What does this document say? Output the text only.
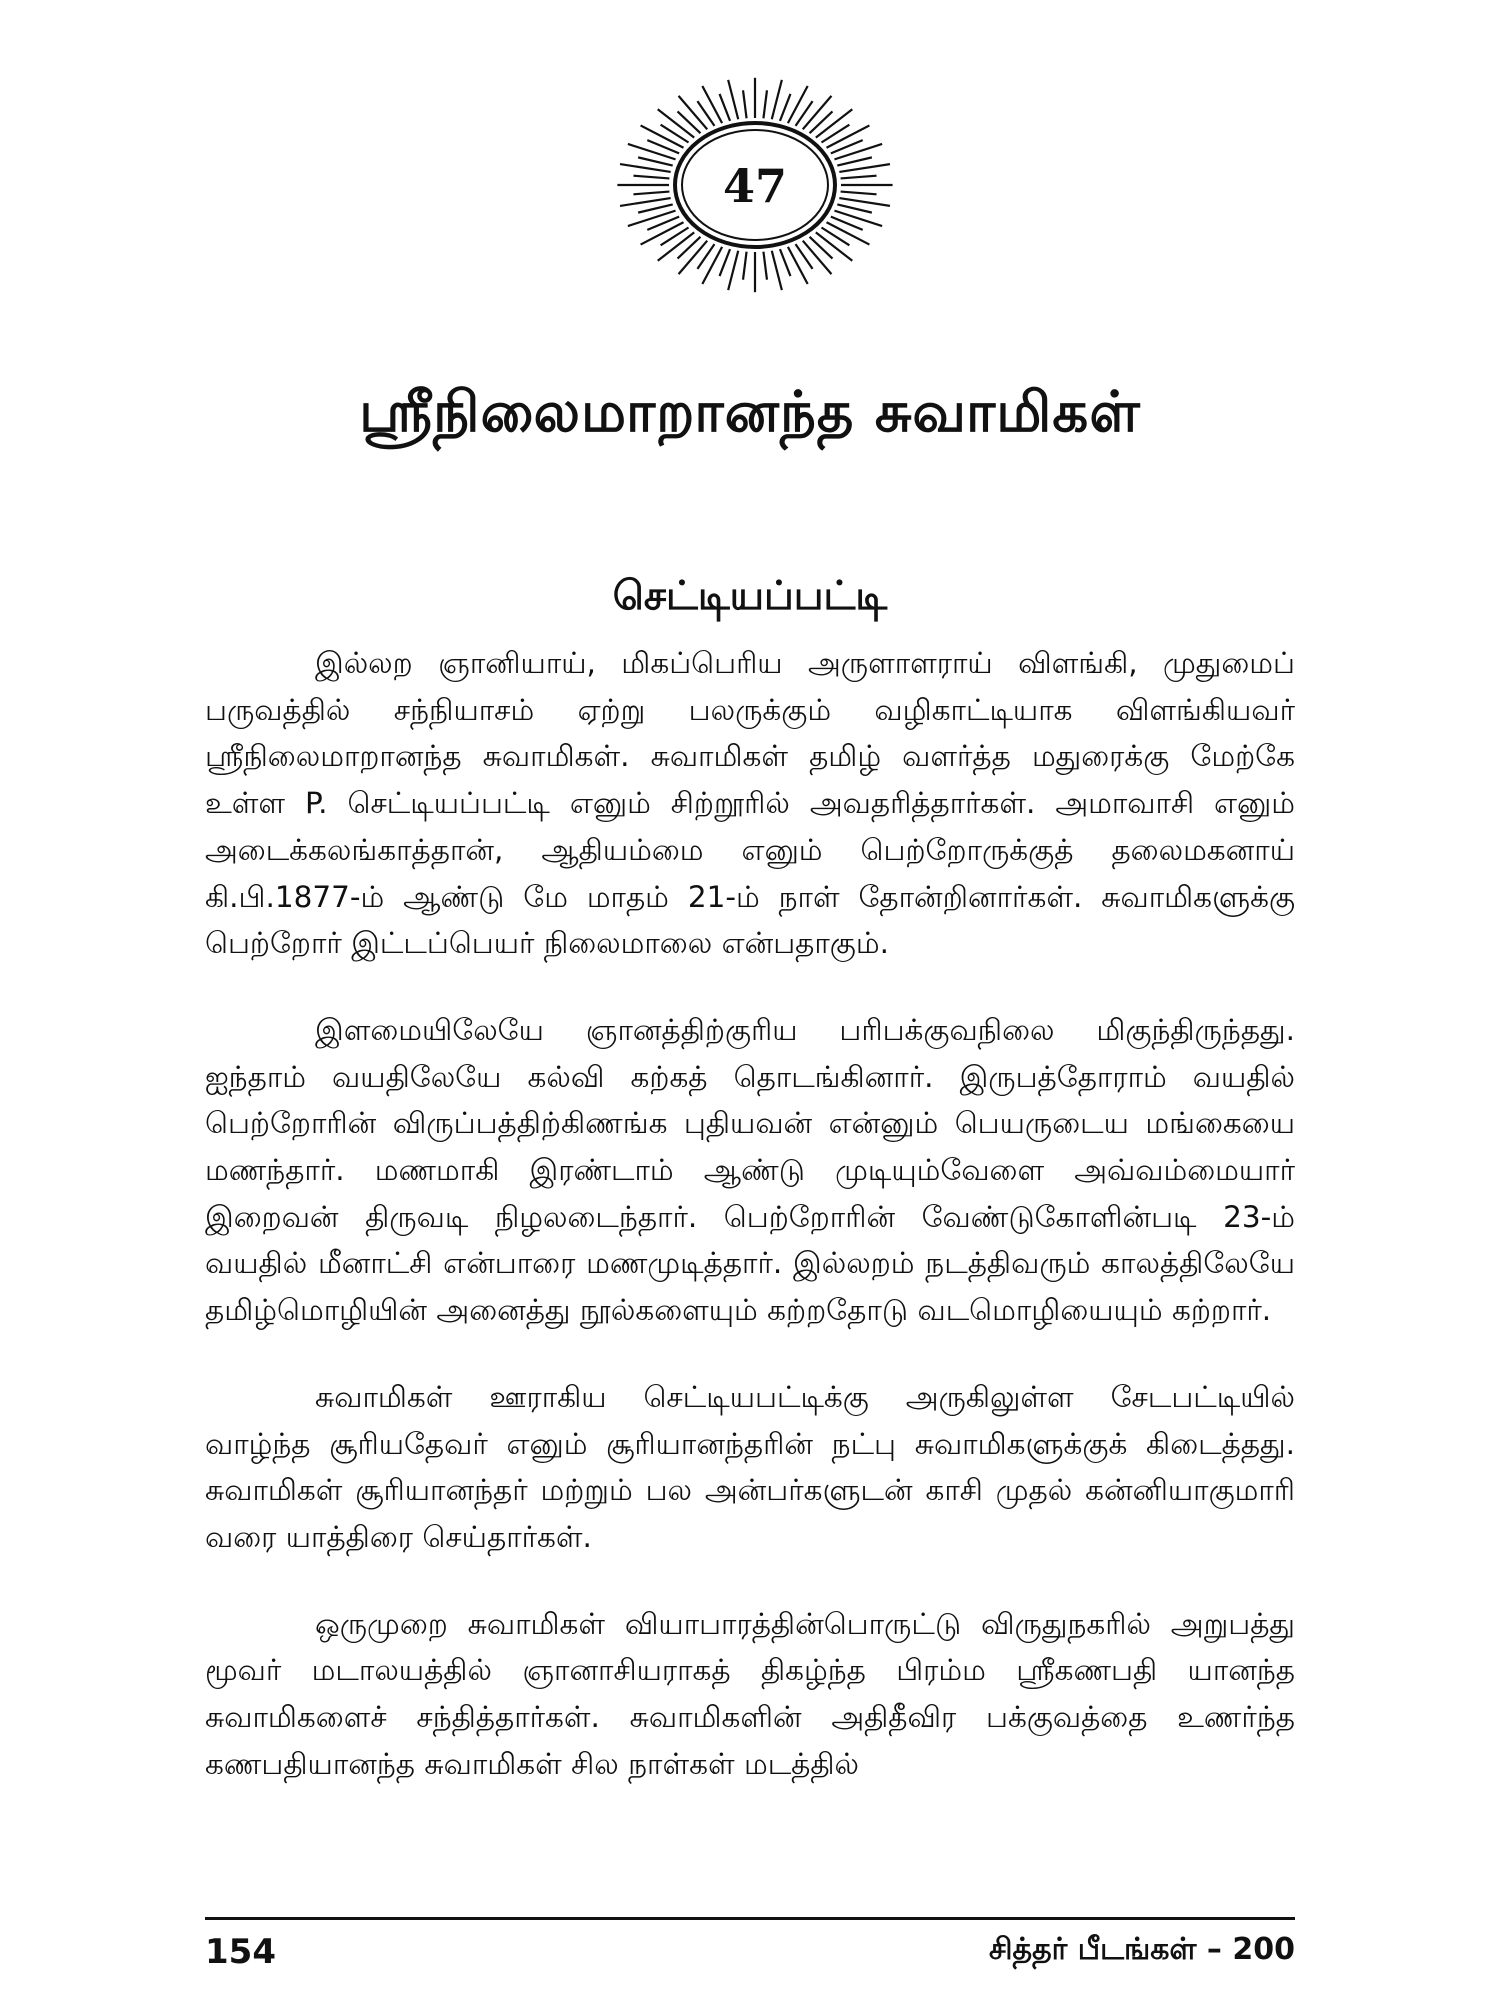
47
ஸ்ரீநிலைமாறானந்த சுவாமிகள்
செட்டியப்பட்டி

இல்லற ஞானியாய், மிகப்பெரிய அருளாளராய் விளங்கி, முதுமைப் பருவத்தில் சந்நியாசம் ஏற்று பலருக்கும் வழிகாட்டியாக விளங்கியவர் ஸ்ரீநிலைமாறானந்த சுவாமிகள். சுவாமிகள் தமிழ் வளர்த்த மதுரைக்கு மேற்கே உள்ள P. செட்டியப்பட்டி எனும் சிற்றூரில் அவதரித்தார்கள். அமாவாசி எனும் அடைக்கலங்காத்தான், ஆதியம்மை எனும் பெற்றோருக்குத் தலைமகனாய் கி.பி.1877-ம் ஆண்டு மே மாதம் 21-ம் நாள் தோன்றினார்கள். சுவாமிகளுக்கு பெற்றோர் இட்டப்பெயர் நிலைமாலை என்பதாகும்.

இளமையிலேயே ஞானத்திற்குரிய பரிபக்குவநிலை மிகுந்திருந்தது. ஐந்தாம் வயதிலேயே கல்வி கற்கத் தொடங்கினார். இருபத்தோராம் வயதில் பெற்றோரின் விருப்பத்திற்கிணங்க புதியவன் என்னும் பெயருடைய மங்கையை மணந்தார். மணமாகி இரண்டாம் ஆண்டு முடியும்வேளை அவ்வம்மையார் இறைவன் திருவடி நிழலடைந்தார். பெற்றோரின் வேண்டுகோளின்படி 23-ம் வயதில் மீனாட்சி என்பாரை மணமுடித்தார். இல்லறம் நடத்திவரும் காலத்திலேயே தமிழ்மொழியின் அனைத்து நூல்களையும் கற்றதோடு வடமொழியையும் கற்றார்.

சுவாமிகள் ஊராகிய செட்டியபட்டிக்கு அருகிலுள்ள சேடபட்டியில் வாழ்ந்த சூரியதேவர் எனும் சூரியானந்தரின் நட்பு சுவாமிகளுக்குக் கிடைத்தது. சுவாமிகள் சூரியானந்தர் மற்றும் பல அன்பர்களுடன் காசி முதல் கன்னியாகுமாரி வரை யாத்திரை செய்தார்கள்.

ஒருமுறை சுவாமிகள் வியாபாரத்தின்பொருட்டு விருதுநகரில் அறுபத்து மூவர் மடாலயத்தில் ஞானாசியராகத் திகழ்ந்த பிரம்ம ஸ்ரீகணபதி யானந்த சுவாமிகளைச் சந்தித்தார்கள். சுவாமிகளின் அதிதீவிர பக்குவத்தை உணர்ந்த கணபதியானந்த சுவாமிகள் சில நாள்கள் மடத்தில்

154	சித்தர் பீடங்கள் – 200
